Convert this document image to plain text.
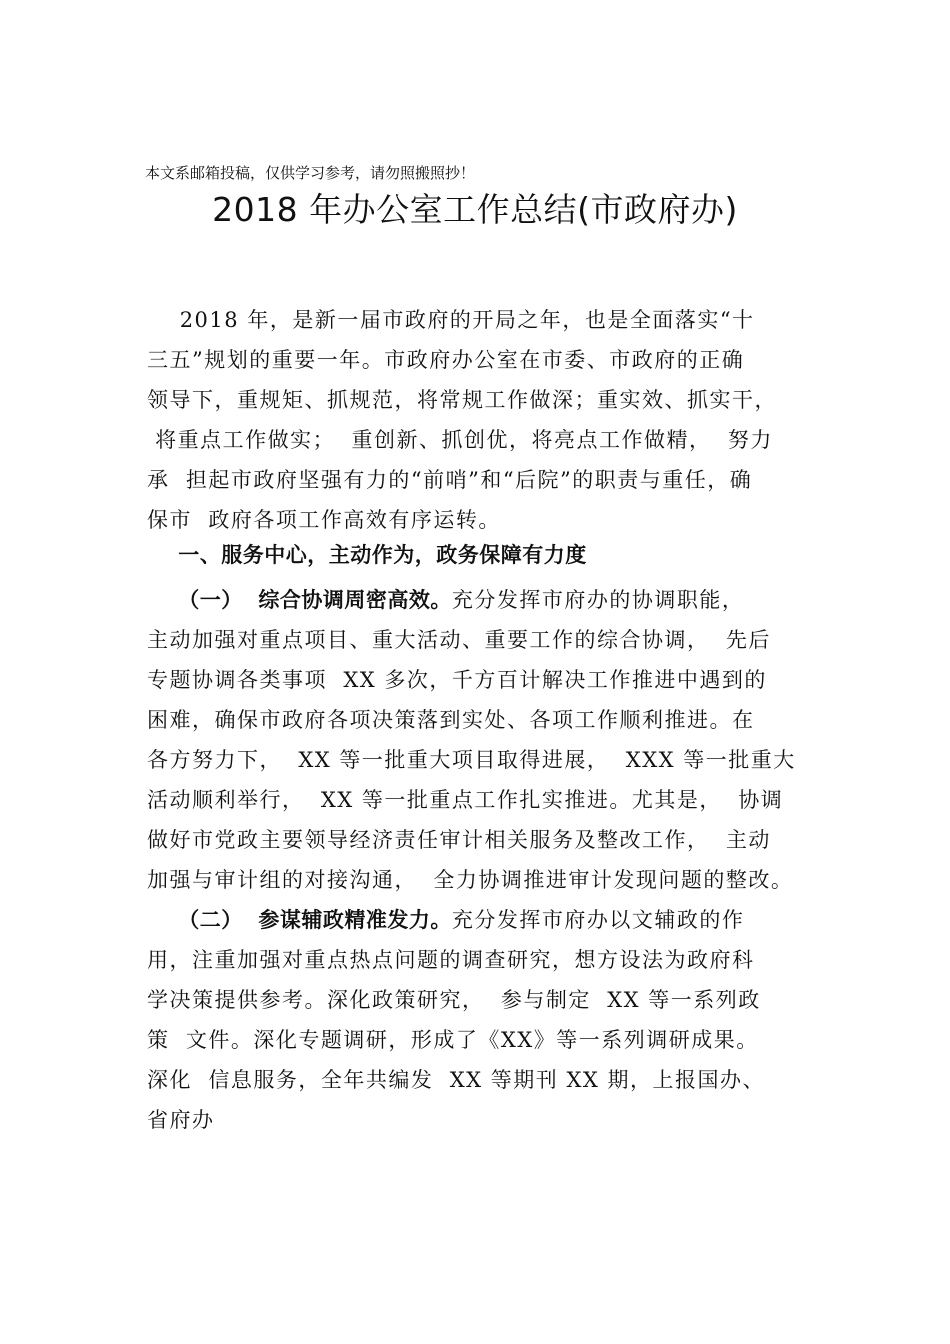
本文系邮箱投稿，仅供学习参考，请勿照搬照抄！
2018 年办公室工作总结(市政府办)
2018 年，是新一届市政府的开局之年，也是全面落实“十
三五”规划的重要一年。市政府办公室在市委、市政府的正确
领导下，重规矩、抓规范，将常规工作做深；重实效、抓实干，
将重点工作做实；  重创新、抓创优，将亮点工作做精，  努力
承  担起市政府坚强有力的“前哨”和“后院”的职责与重任，确
保市  政府各项工作高效有序运转。
一、服务中心，主动作为，政务保障有力度
（一）  综合协调周密高效。充分发挥市府办的协调职能，
主动加强对重点项目、重大活动、重要工作的综合协调，  先后
专题协调各类事项  XX 多次，千方百计解决工作推进中遇到的
困难，确保市政府各项决策落到实处、各项工作顺利推进。在
各方努力下，  XX 等一批重大项目取得进展，  XXX 等一批重大
活动顺利举行，  XX 等一批重点工作扎实推进。尤其是，  协调
做好市党政主要领导经济责任审计相关服务及整改工作，  主动
加强与审计组的对接沟通，  全力协调推进审计发现问题的整改。
（二）  参谋辅政精准发力。充分发挥市府办以文辅政的作
用，注重加强对重点热点问题的调查研究，想方设法为政府科
学决策提供参考。深化政策研究，  参与制定  XX 等一系列政
策  文件。深化专题调研，形成了《XX》等一系列调研成果。
深化  信息服务，全年共编发  XX 等期刊 XX 期，上报国办、
省府办
